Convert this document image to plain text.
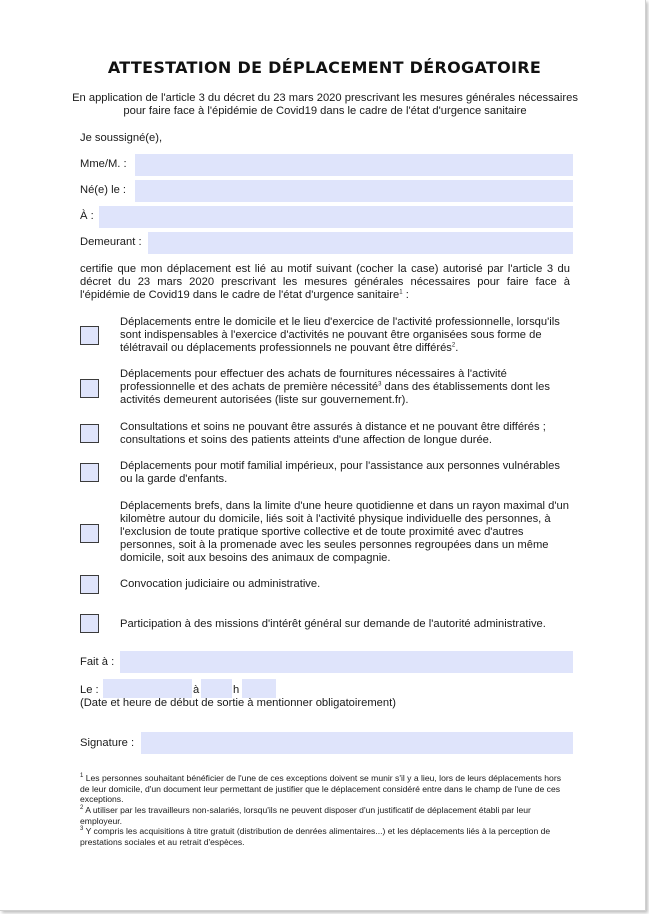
ATTESTATION DE DÉPLACEMENT DÉROGATOIRE
En application de l'article 3 du décret du 23 mars 2020 prescrivant les mesures générales nécessaires pour faire face à l'épidémie de Covid19 dans le cadre de l'état d'urgence sanitaire
Je soussigné(e),
Mme/M. :
Né(e) le :
À :
Demeurant :
certifie que mon déplacement est lié au motif suivant (cocher la case) autorisé par l'article 3 du décret du 23 mars 2020 prescrivant les mesures générales nécessaires pour faire face à l'épidémie de Covid19 dans le cadre de l'état d'urgence sanitaire$^1$ :
Déplacements entre le domicile et le lieu d'exercice de l'activité professionnelle, lorsqu'ils sont indispensables à l'exercice d'activités ne pouvant être organisées sous forme de télétravail ou déplacements professionnels ne pouvant être différés$^2$.
Déplacements pour effectuer des achats de fournitures nécessaires à l'activité professionnelle et des achats de première nécessité$^3$ dans des établissements dont les activités demeurent autorisées (liste sur gouvernement.fr).
Consultations et soins ne pouvant être assurés à distance et ne pouvant être différés ; consultations et soins des patients atteints d'une affection de longue durée.
Déplacements pour motif familial impérieux, pour l'assistance aux personnes vulnérables ou la garde d'enfants.
Déplacements brefs, dans la limite d'une heure quotidienne et dans un rayon maximal d'un kilomètre autour du domicile, liés soit à l'activité physique individuelle des personnes, à l'exclusion de toute pratique sportive collective et de toute proximité avec d'autres personnes, soit à la promenade avec les seules personnes regroupées dans un même domicile, soit aux besoins des animaux de compagnie.
Convocation judiciaire ou administrative.
Participation à des missions d'intérêt général sur demande de l'autorité administrative.
Fait à :
Le :	à	h
(Date et heure de début de sortie à mentionner obligatoirement)
Signature :
$^1$ Les personnes souhaitant bénéficier de l'une de ces exceptions doivent se munir s'il y a lieu, lors de leurs déplacements hors de leur domicile, d'un document leur permettant de justifier que le déplacement considéré entre dans le champ de l'une de ces exceptions.
$^2$ A utiliser par les travailleurs non-salariés, lorsqu'ils ne peuvent disposer d'un justificatif de déplacement établi par leur employeur.
$^3$ Y compris les acquisitions à titre gratuit (distribution de denrées alimentaires...) et les déplacements liés à la perception de prestations sociales et au retrait d'espèces.
